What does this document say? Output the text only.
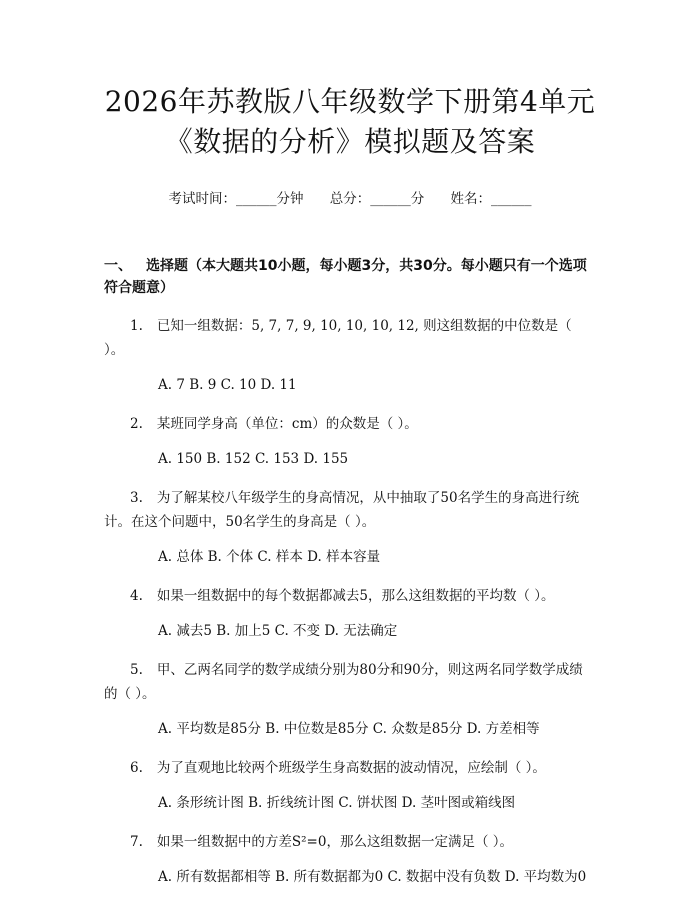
2026年苏教版八年级数学下册第4单元《数据的分析》模拟题及答案
考试时间：______分钟 总分：______分 姓名：______
一、 选择题（本大题共10小题，每小题3分，共30分。每小题只有一个选项符合题意）
1. 已知一组数据：5, 7, 7, 9, 10, 10, 10, 12, 则这组数据的中位数是（ ）。
A. 7 B. 9 C. 10 D. 11
2. 某班同学身高（单位：cm）的众数是（ ）。
A. 150 B. 152 C. 153 D. 155
3. 为了解某校八年级学生的身高情况，从中抽取了50名学生的身高进行统计。在这个问题中，50名学生的身高是（ ）。
A. 总体 B. 个体 C. 样本 D. 样本容量
4. 如果一组数据中的每个数据都减去5，那么这组数据的平均数（ ）。
A. 减去5 B. 加上5 C. 不变 D. 无法确定
5. 甲、乙两名同学的数学成绩分别为80分和90分，则这两名同学数学成绩的（ ）。
A. 平均数是85分 B. 中位数是85分 C. 众数是85分 D. 方差相等
6. 为了直观地比较两个班级学生身高数据的波动情况，应绘制（ ）。
A. 条形统计图 B. 折线统计图 C. 饼状图 D. 茎叶图或箱线图
7. 如果一组数据中的方差S²=0，那么这组数据一定满足（ ）。
A. 所有数据都相等 B. 所有数据都为0 C. 数据中没有负数 D. 平均数为0
